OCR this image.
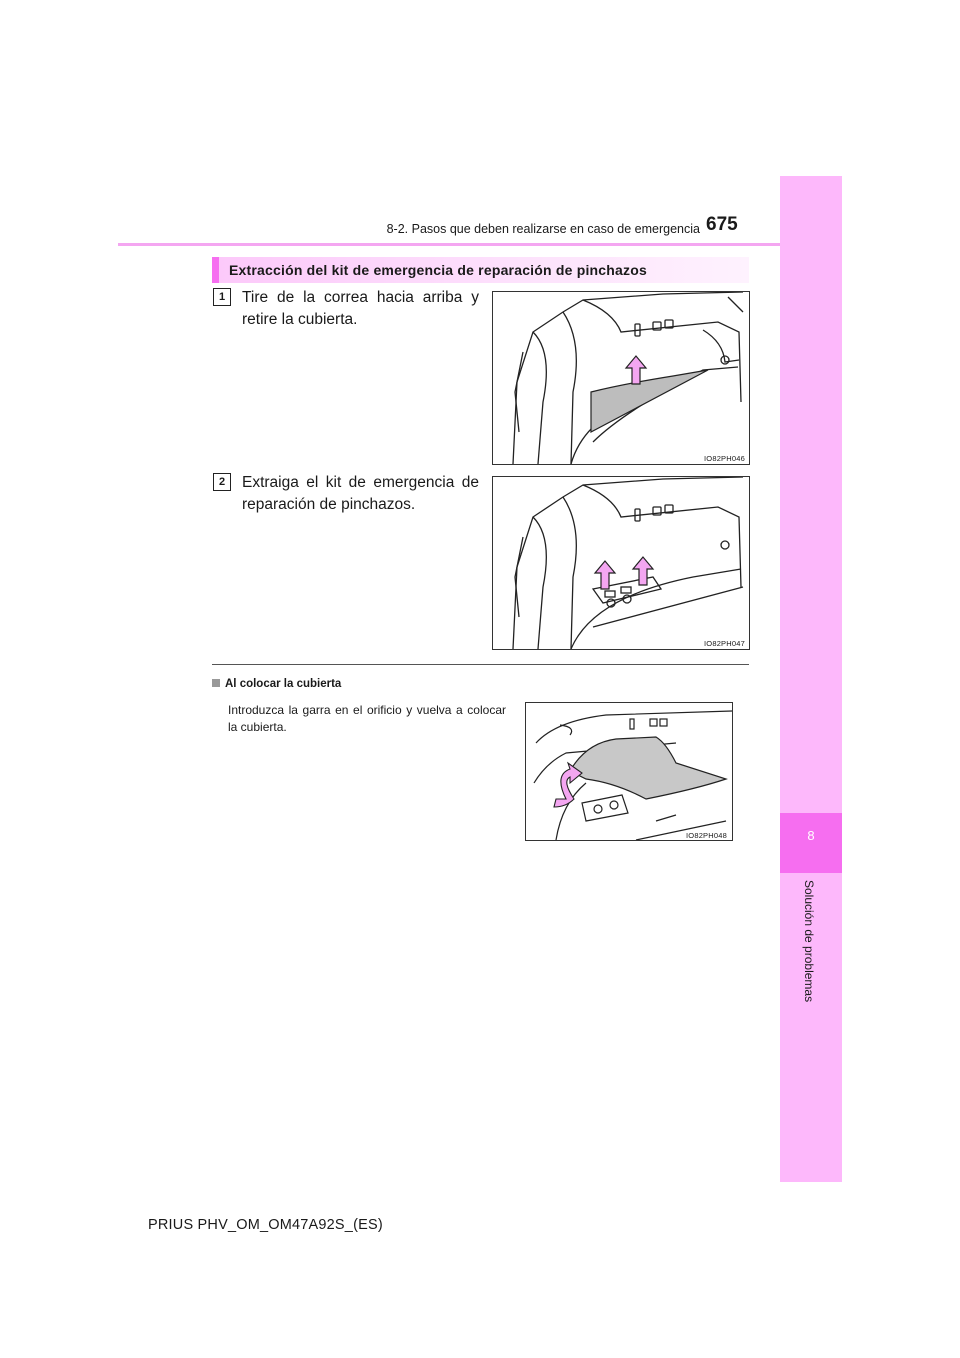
8-2. Pasos que deben realizarse en caso de emergencia 675
8
Solución de problemas
Extracción del kit de emergencia de reparación de pinchazos
1	Tire de la correa hacia arriba y retire la cubierta.
IO82PH046
2	Extraiga el kit de emergencia de reparación de pinchazos.
IO82PH047
Al colocar la cubierta
Introduzca la garra en el orificio y vuelva a colocar la cubierta.
IO82PH048
PRIUS PHV_OM_OM47A92S_(ES)
